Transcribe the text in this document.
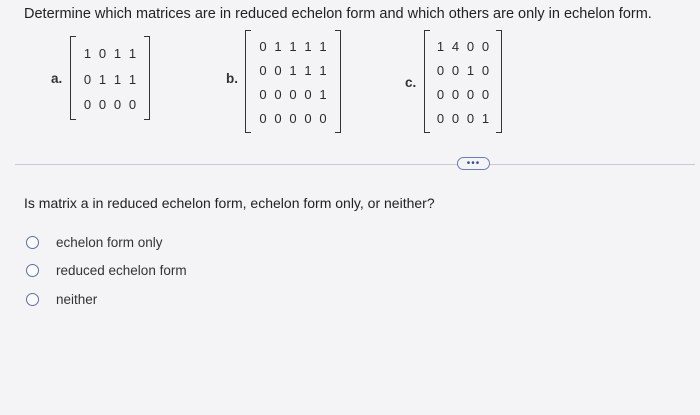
Determine which matrices are in reduced echelon form and which others are only in echelon form.
a.
1 0 1 1
0 1 1 1
0 0 0 0
b.
0 1 1 1 1
0 0 1 1 1
0 0 0 0 1
0 0 0 0 0
c.
1 4 0 0
0 0 1 0
0 0 0 0
0 0 0 1
•••
Is matrix a in reduced echelon form, echelon form only, or neither?
echelon form only
reduced echelon form
neither
